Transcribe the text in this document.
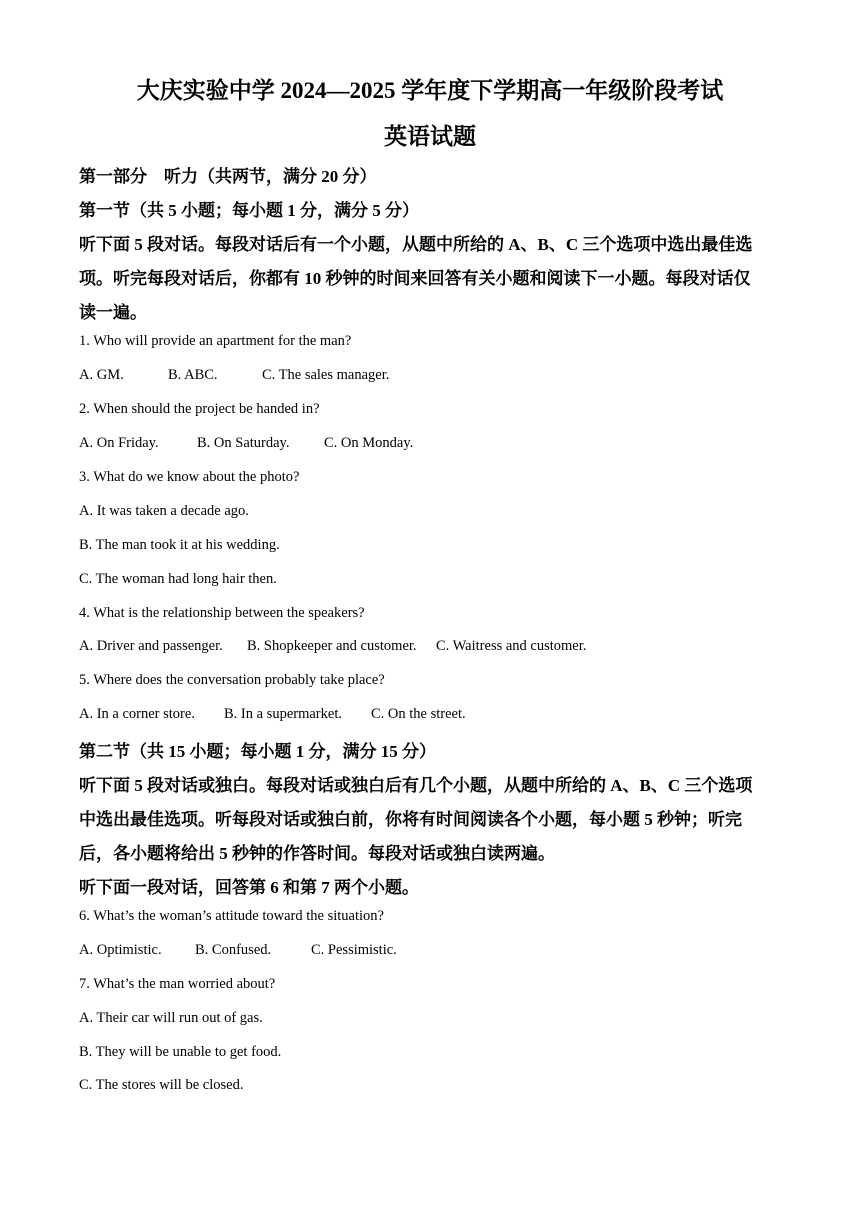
大庆实验中学 2024—2025 学年度下学期高一年级阶段考试
英语试题
第一部分　听力（共两节，满分 20 分）
第一节（共 5 小题；每小题 1 分，满分 5 分）
听下面 5 段对话。每段对话后有一个小题，从题中所给的 A、B、C 三个选项中选出最佳选
项。听完每段对话后，你都有 10 秒钟的时间来回答有关小题和阅读下一小题。每段对话仅
读一遍。
1. Who will provide an apartment for the man?
A. GM.	B. ABC.	C. The sales manager.
2. When should the project be handed in?
A. On Friday.	B. On Saturday. C. On Monday.
3. What do we know about the photo?
A. It was taken a decade ago.
B. The man took it at his wedding.
C. The woman had long hair then.
4. What is the relationship between the speakers?
A. Driver and passenger. B. Shopkeeper and customer. C. Waitress and customer.
5. Where does the conversation probably take place?
A. In a corner store. B. In a supermarket. C. On the street.
第二节（共 15 小题；每小题 1 分，满分 15 分）
听下面 5 段对话或独白。每段对话或独白后有几个小题，从题中所给的 A、B、C 三个选项
中选出最佳选项。听每段对话或独白前，你将有时间阅读各个小题，每小题 5 秒钟；听完
后，各小题将给出 5 秒钟的作答时间。每段对话或独白读两遍。
听下面一段对话，回答第 6 和第 7 两个小题。
6. What’s the woman’s attitude toward the situation?
A. Optimistic. B. Confused.	C. Pessimistic.
7. What’s the man worried about?
A. Their car will run out of gas.
B. They will be unable to get food.
C. The stores will be closed.
